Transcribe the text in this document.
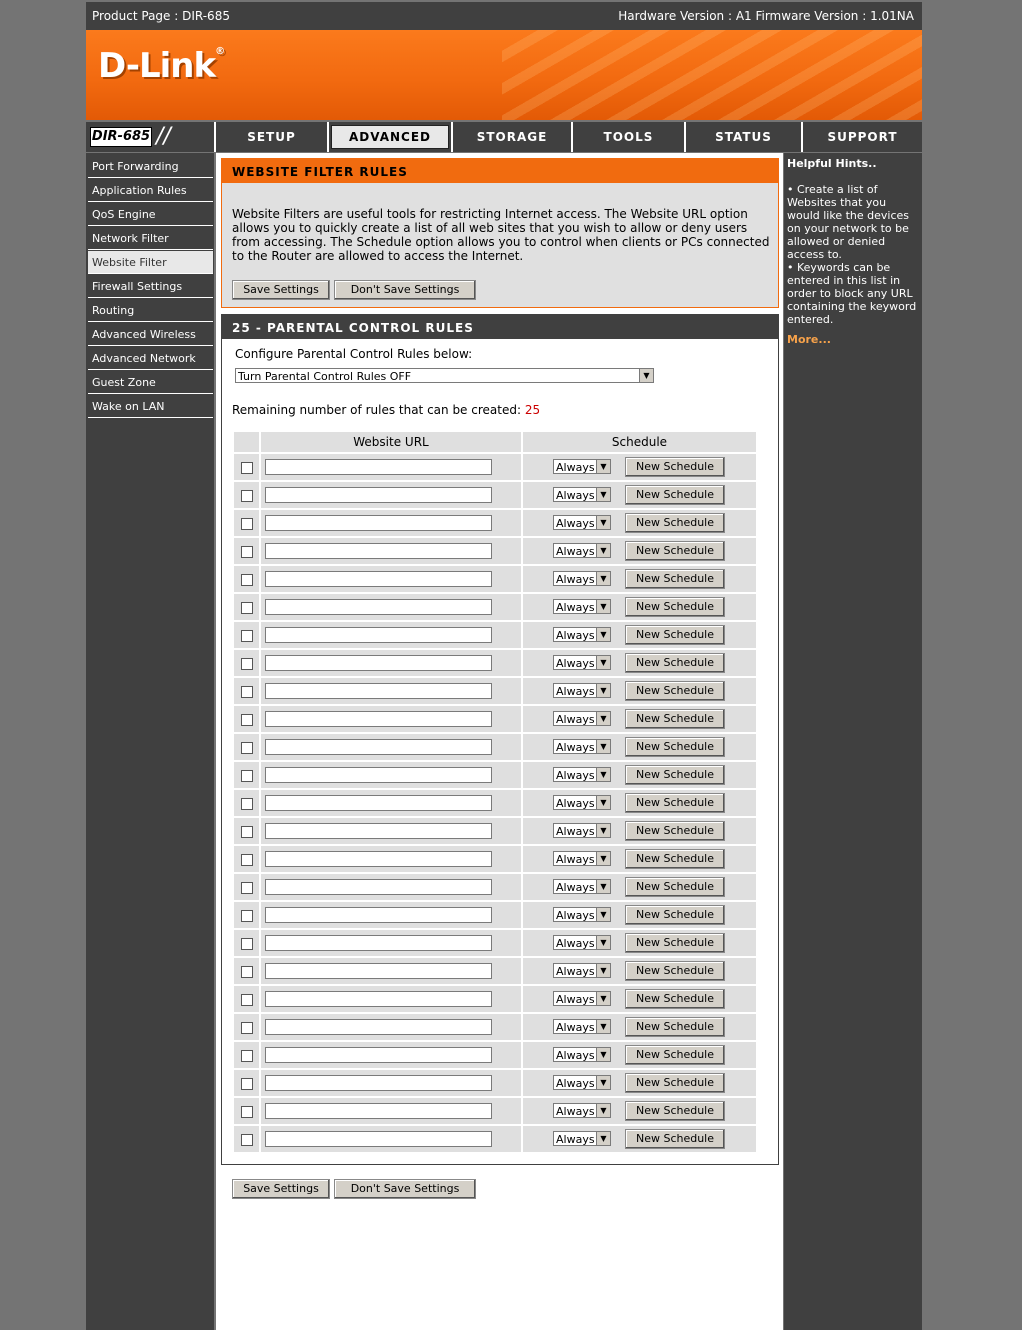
Product Page : DIR-685	Hardware Version : A1 Firmware Version : 1.01NA
D-Link®
DIR-685 //	SETUP	ADVANCED	STORAGE	TOOLS	STATUS	SUPPORT
Port Forwarding
Application Rules
QoS Engine
Network Filter
Website Filter
Firewall Settings
Routing
Advanced Wireless
Advanced Network
Guest Zone
Wake on LAN
WEBSITE FILTER RULES
Website Filters are useful tools for restricting Internet access. The Website URL option allows you to quickly create a list of all web sites that you wish to allow or deny users from accessing. The Schedule option allows you to control when clients or PCs connected to the Router are allowed to access the Internet.
Save Settings	Don't Save Settings
25 - PARENTAL CONTROL RULES
Configure Parental Control Rules below:
Turn Parental Control Rules OFF	▼
Remaining number of rules that can be created: 25
Website URL	Schedule
Always ▼	New Schedule
Always ▼	New Schedule
Always ▼	New Schedule
Always ▼	New Schedule
Always ▼	New Schedule
Always ▼	New Schedule
Always ▼	New Schedule
Always ▼	New Schedule
Always ▼	New Schedule
Always ▼	New Schedule
Always ▼	New Schedule
Always ▼	New Schedule
Always ▼	New Schedule
Always ▼	New Schedule
Always ▼	New Schedule
Always ▼	New Schedule
Always ▼	New Schedule
Always ▼	New Schedule
Always ▼	New Schedule
Always ▼	New Schedule
Always ▼	New Schedule
Always ▼	New Schedule
Always ▼	New Schedule
Always ▼	New Schedule
Always ▼	New Schedule
Save Settings	Don't Save Settings
Helpful Hints..
• Create a list of Websites that you would like the devices on your network to be allowed or denied access to.
• Keywords can be entered in this list in order to block any URL containing the keyword entered.
More...
